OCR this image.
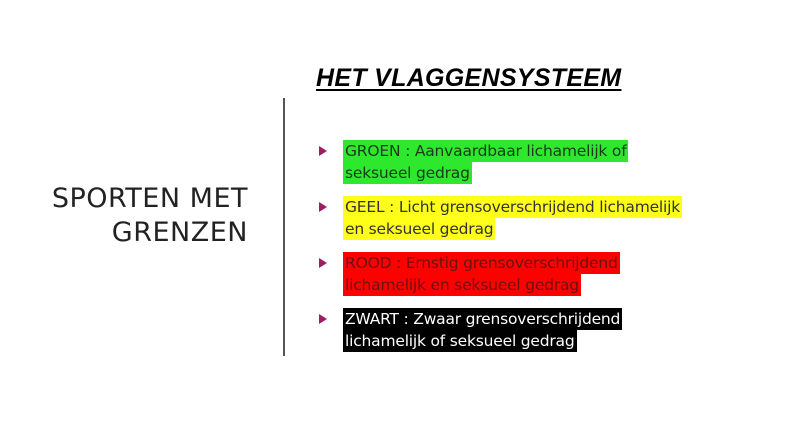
SPORTEN MET
GRENZEN
HET VLAGGENSYSTEEM
GROEN : Aanvaardbaar lichamelijk of
seksueel gedrag
GEEL : Licht grensoverschrijdend lichamelijk
en seksueel gedrag
ROOD : Ernstig grensoverschrijdend
lichamelijk en seksueel gedrag
ZWART : Zwaar grensoverschrijdend
lichamelijk of seksueel gedrag
